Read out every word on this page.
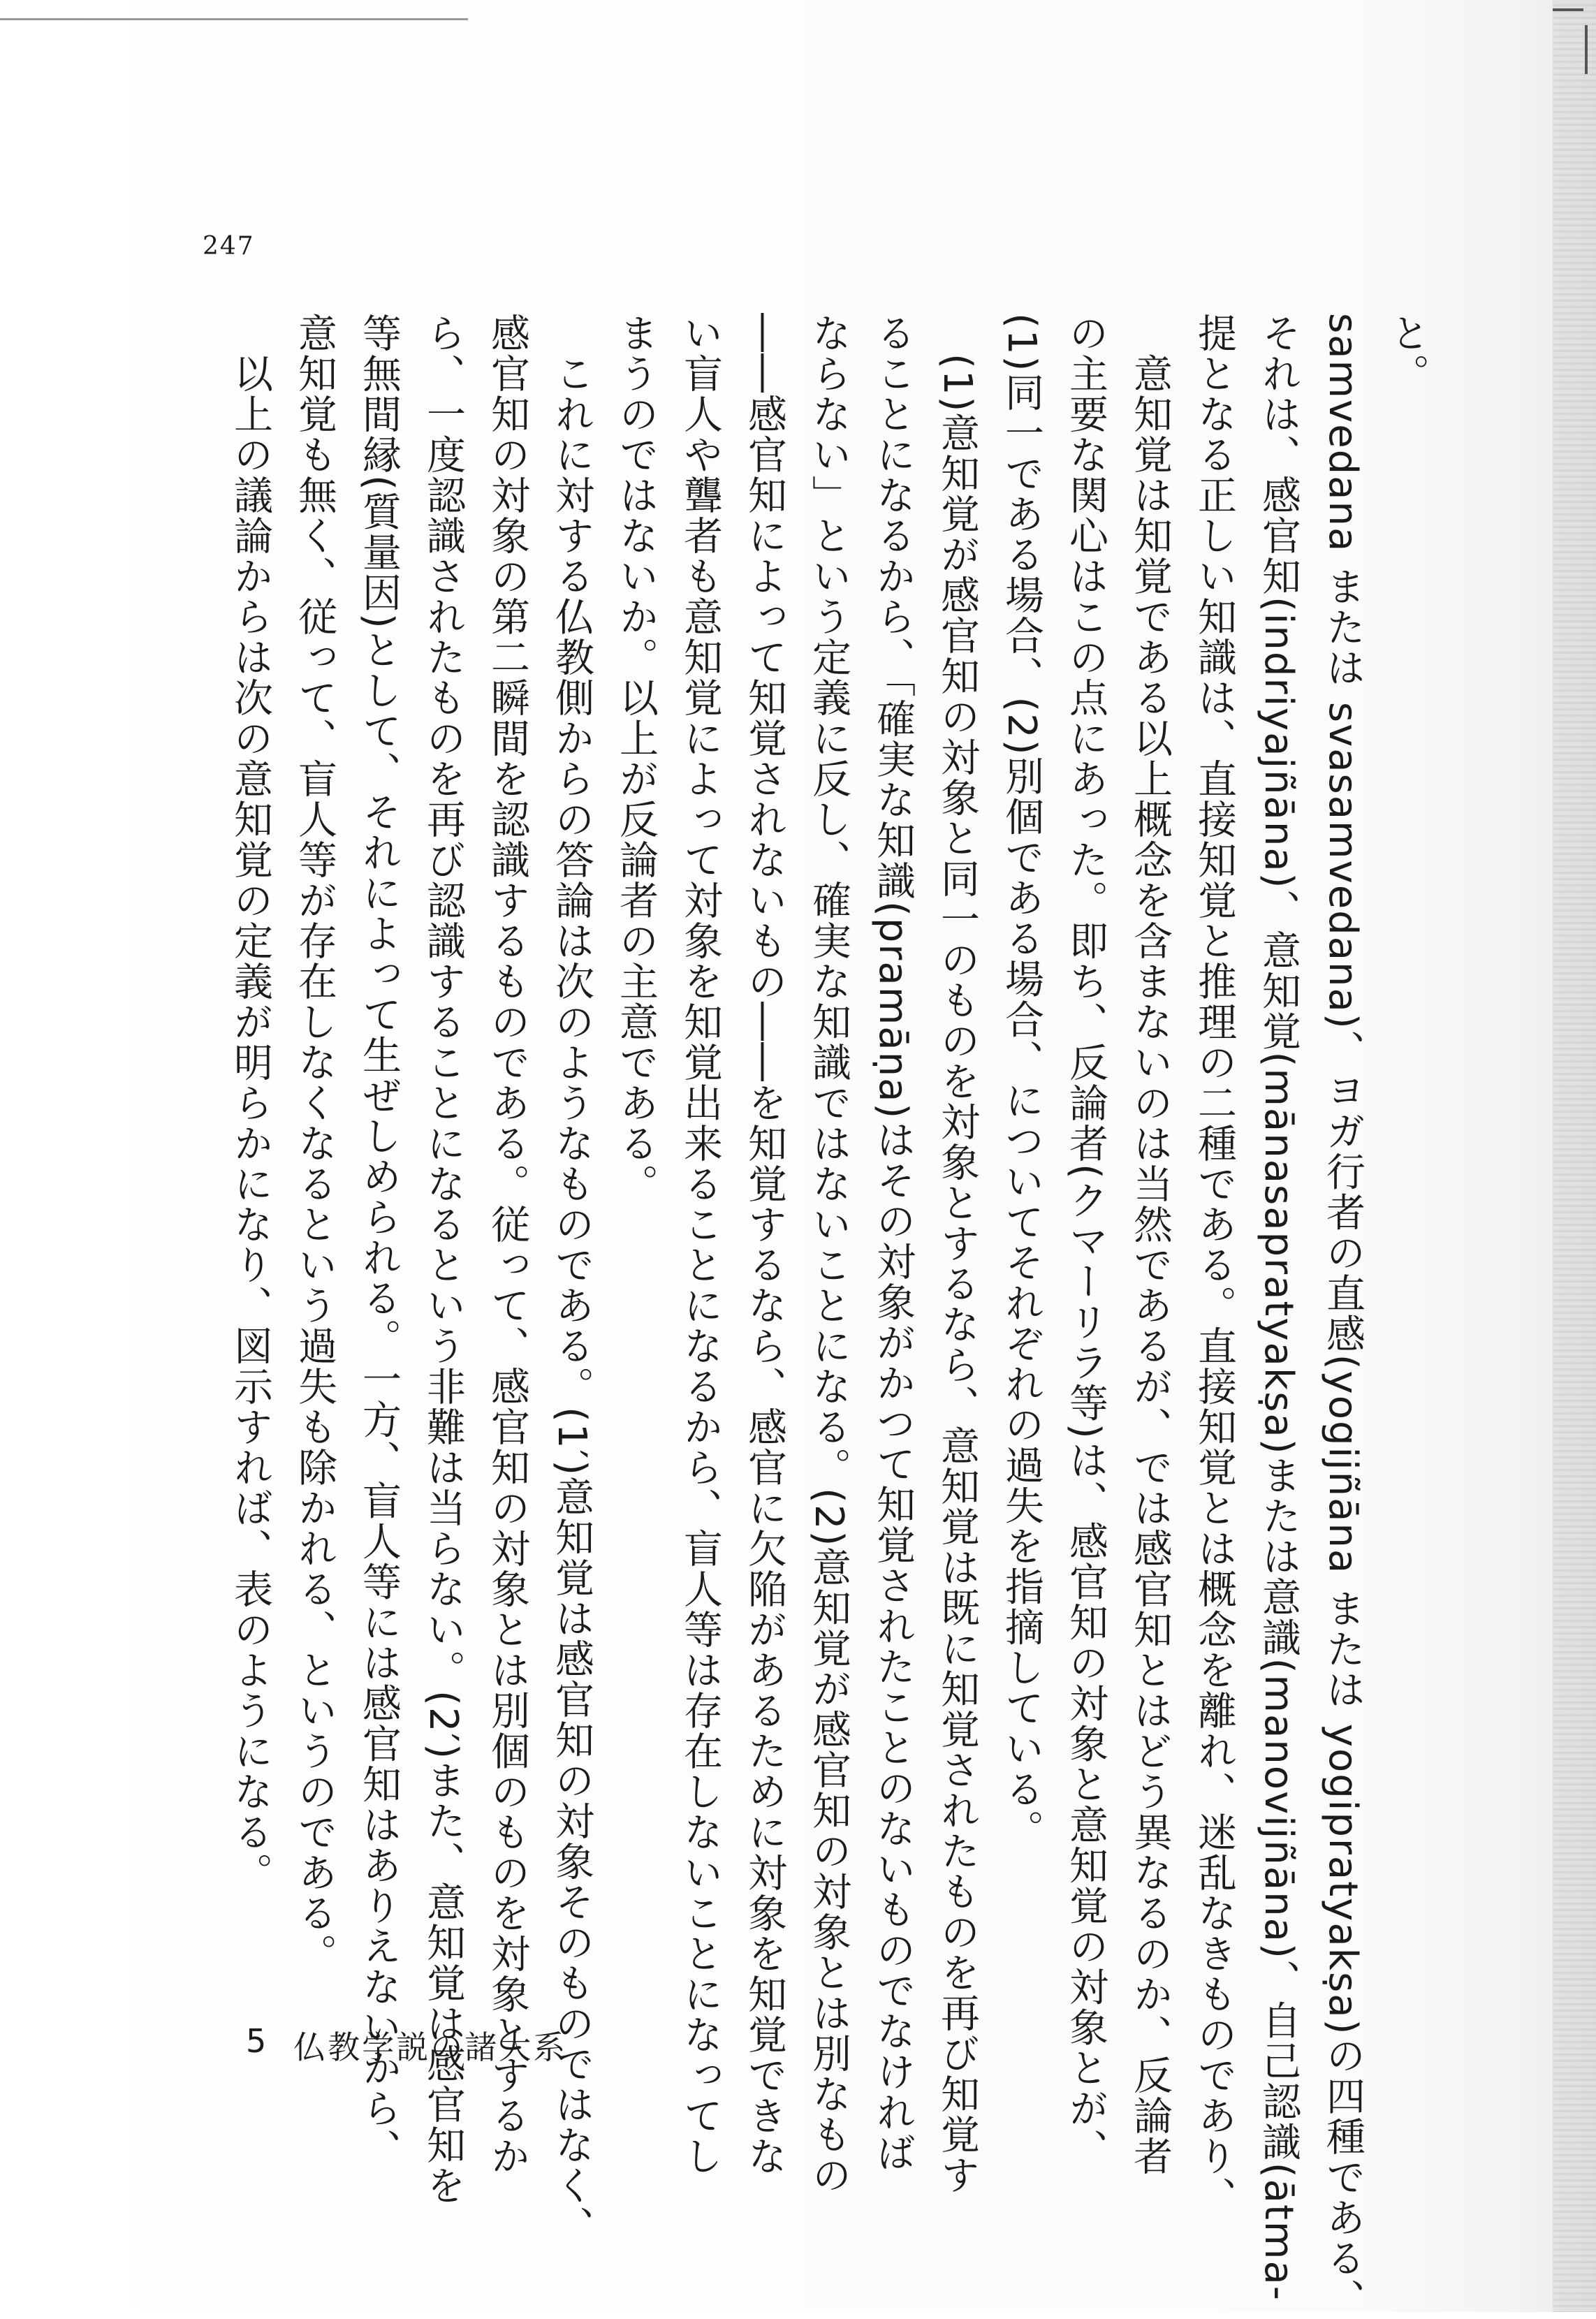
247

と。

samvedana または svasamvedana)、ヨガ行者の直感(yogijñāna または yogipratyakṣa)の四種である、

それは、感官知(indriyajñāna)、意知覚(mānasapratyakṣa)または意識(manovijñāna)、自己認識(ātma-

提となる正しい知識は、直接知覚と推理の二種である。直接知覚とは概念を離れ、迷乱なきものであり、

　意知覚は知覚である以上概念を含まないのは当然であるが、では感官知とはどう異なるのか、反論者

の主要な関心はこの点にあった。即ち、反論者(クマーリラ等)は、感官知の対象と意知覚の対象とが、

(1)同一である場合、(2)別個である場合、についてそれぞれの過失を指摘している。

　(1)意知覚が感官知の対象と同一のものを対象とするなら、意知覚は既に知覚されたものを再び知覚す

ることになるから、「確実な知識(pramāṇa)はその対象がかつて知覚されたことのないものでなければ

ならない」という定義に反し、確実な知識ではないことになる。(2)意知覚が感官知の対象とは別なもの

――感官知によって知覚されないもの――を知覚するなら、感官に欠陥があるために対象を知覚できな

い盲人や聾者も意知覚によって対象を知覚出来ることになるから、盲人等は存在しないことになってし

まうのではないか。以上が反論者の主意である。

　これに対する仏教側からの答論は次のようなものである。(1′)意知覚は感官知の対象そのものではなく、

感官知の対象の第二瞬間を認識するものである。従って、感官知の対象とは別個のものを対象とするか

ら、一度認識されたものを再び認識することになるという非難は当らない。(2′)また、意知覚は感官知を

等無間縁(質量因)として、それによって生ぜしめられる。一方、盲人等には感官知はありえないから、

意知覚も無く、従って、盲人等が存在しなくなるという過失も除かれる、というのである。

　以上の議論からは次の意知覚の定義が明らかになり、図示すれば、表のようになる。

5 仏教学説の諸大系
